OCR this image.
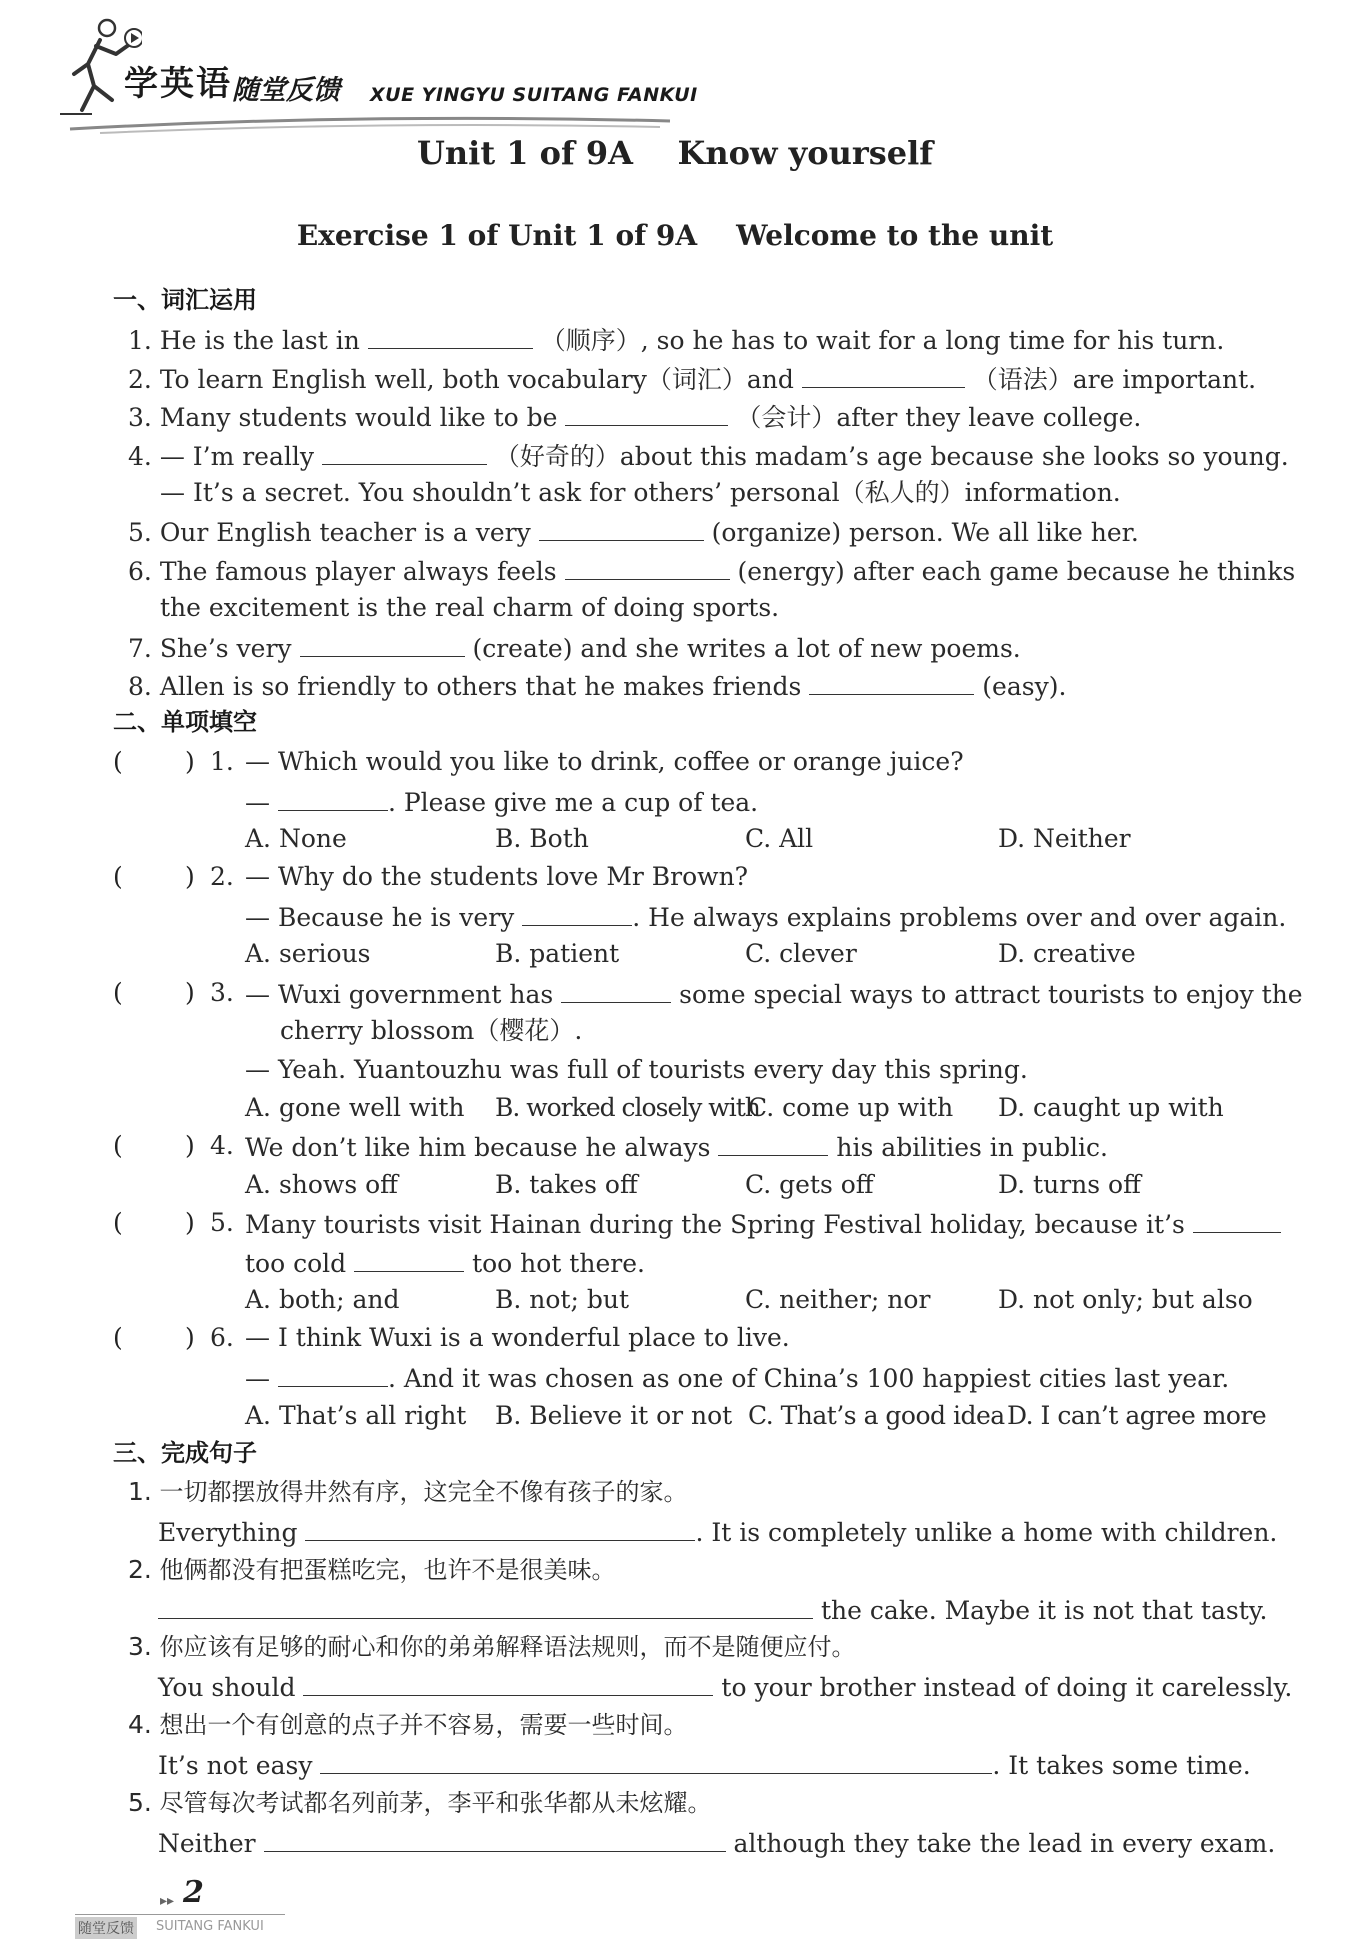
学英语 随堂反馈 XUE YINGYU SUITANG FANKUI
Unit 1 of 9A    Know yourself
Exercise 1 of Unit 1 of 9A    Welcome to the unit
一、词汇运用
1. He is the last in	（顺序）, so he has to wait for a long time for his turn.
2. To learn English well, both vocabulary（词汇）and	（语法）are important.
3. Many students would like to be	（会计）after they leave college.
4. — I’m really	（好奇的）about this madam’s age because she looks so young.
— It’s a secret. You shouldn’t ask for others’ personal（私人的）information.
5. Our English teacher is a very	(organize) person. We all like her.
6. The famous player always feels	(energy) after each game because he thinks
the excitement is the real charm of doing sports.
7. She’s very	(create) and she writes a lot of new poems.
8. Allen is so friendly to others that he makes friends	(easy).
二、单项填空
( ) 1. — Which would you like to drink, coffee or orange juice?
—	. Please give me a cup of tea.
A. None	B. Both	C. All	D. Neither
( ) 2. — Why do the students love Mr Brown?
— Because he is very	. He always explains problems over and over again.
A. serious	B. patient	C. clever	D. creative
( ) 3. — Wuxi government has	some special ways to attract tourists to enjoy the
cherry blossom（樱花）.
— Yeah. Yuantouzhu was full of tourists every day this spring.
A. gone well with B. worked closely with
C. come up with D. caught up with
( ) 4. We don’t like him because he always	his abilities in public.
A. shows off	B. takes off	C. gets off	D. turns off
( ) 5. Many tourists visit Hainan during the Spring Festival holiday, because it’s
too cold	too hot there.
A. both; and	B. not; but	C. neither; nor	D. not only; but also
( ) 6. — I think Wuxi is a wonderful place to live.
—	. And it was chosen as one of China’s 100 happiest cities last year.
A. That’s all right B. Believe it or not C. That’s a good idea D. I can’t agree more
三、完成句子
1. 一切都摆放得井然有序，这完全不像有孩子的家。
Everything	. It is completely unlike a home with children.
2. 他俩都没有把蛋糕吃完，也许不是很美味。
the cake. Maybe it is not that tasty.
3. 你应该有足够的耐心和你的弟弟解释语法规则，而不是随便应付。
You should	to your brother instead of doing it carelessly.
4. 想出一个有创意的点子并不容易，需要一些时间。
It’s not easy	. It takes some time.
5. 尽管每次考试都名列前茅，李平和张华都从未炫耀。
Neither	although they take the lead in every exam.
▸▸ 2
随堂反馈 SUITANG FANKUI
